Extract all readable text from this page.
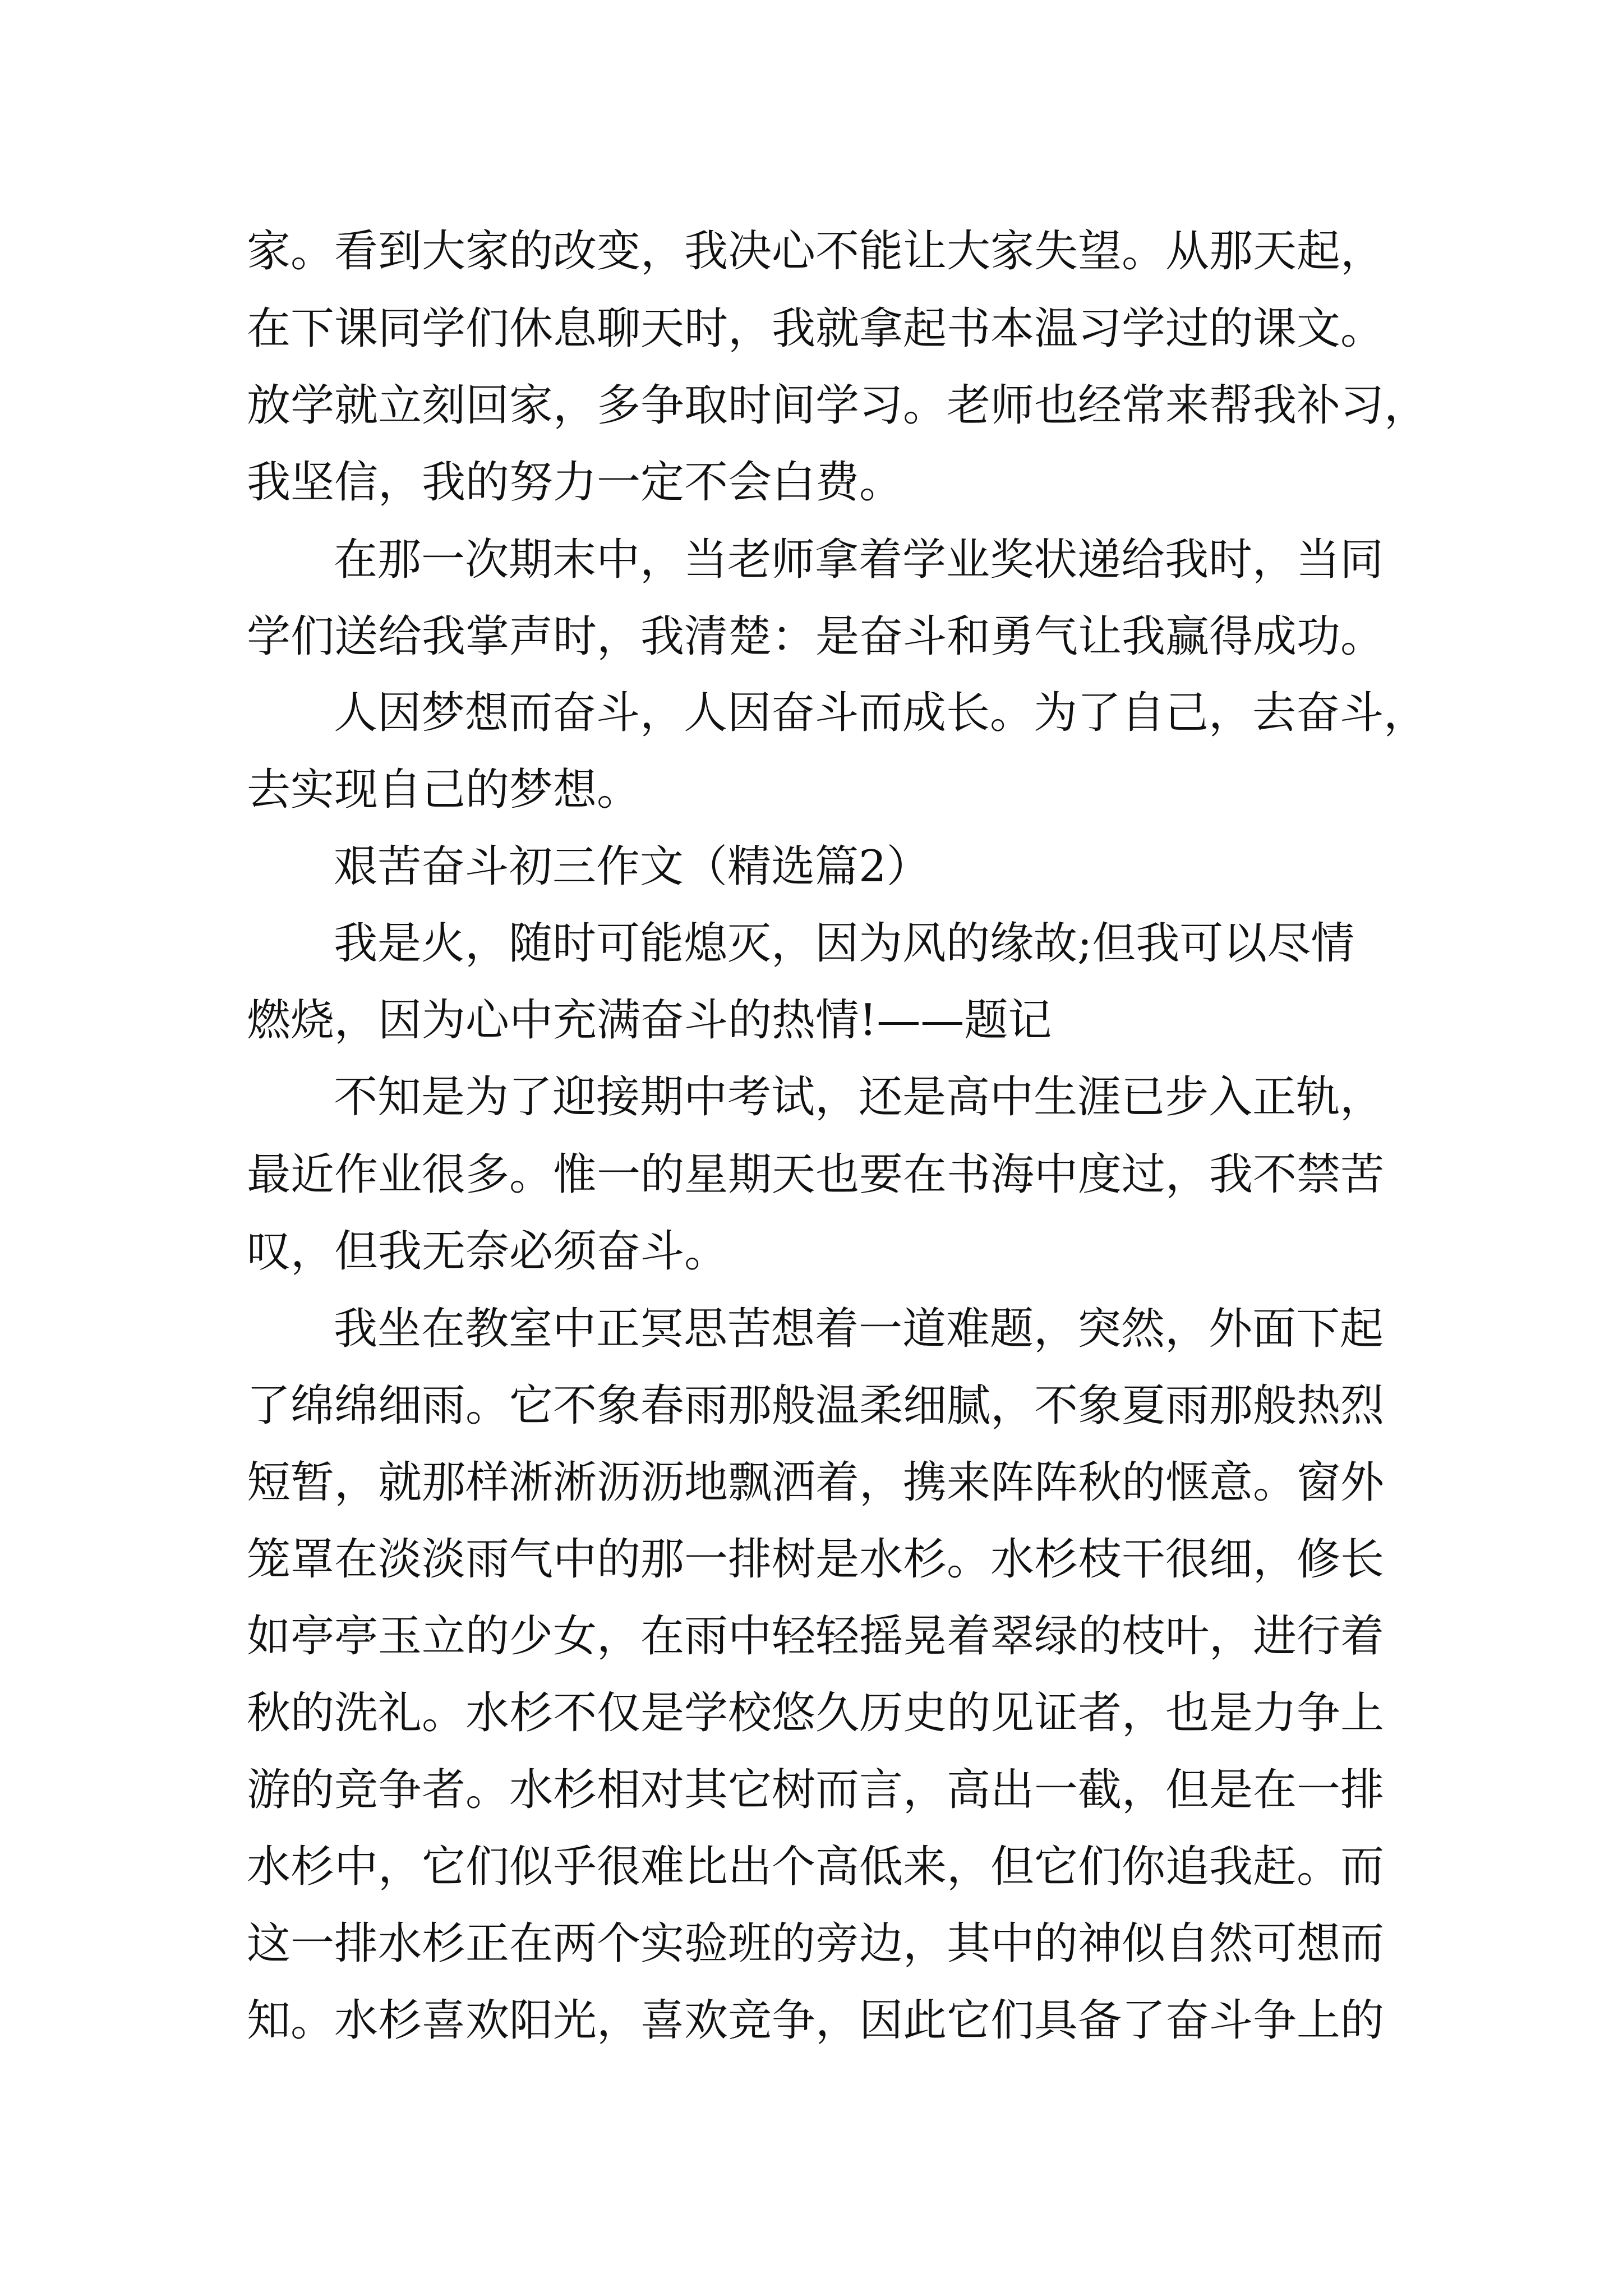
家。看到大家的改变，我决心不能让大家失望。从那天起，
在下课同学们休息聊天时，我就拿起书本温习学过的课文。
放学就立刻回家，多争取时间学习。老师也经常来帮我补习，
我坚信，我的努力一定不会白费。
在那一次期末中，当老师拿着学业奖状递给我时，当同
学们送给我掌声时，我清楚：是奋斗和勇气让我赢得成功。
人因梦想而奋斗，人因奋斗而成长。为了自己，去奋斗，
去实现自己的梦想。
艰苦奋斗初三作文（精选篇2）
我是火，随时可能熄灭，因为风的缘故;但我可以尽情
燃烧，因为心中充满奋斗的热情!——题记
不知是为了迎接期中考试，还是高中生涯已步入正轨，
最近作业很多。惟一的星期天也要在书海中度过，我不禁苦
叹，但我无奈必须奋斗。
我坐在教室中正冥思苦想着一道难题，突然，外面下起
了绵绵细雨。它不象春雨那般温柔细腻，不象夏雨那般热烈
短暂，就那样淅淅沥沥地飘洒着，携来阵阵秋的惬意。窗外
笼罩在淡淡雨气中的那一排树是水杉。水杉枝干很细，修长
如亭亭玉立的少女，在雨中轻轻摇晃着翠绿的枝叶，进行着
秋的洗礼。水杉不仅是学校悠久历史的见证者，也是力争上
游的竞争者。水杉相对其它树而言，高出一截，但是在一排
水杉中，它们似乎很难比出个高低来，但它们你追我赶。而
这一排水杉正在两个实验班的旁边，其中的神似自然可想而
知。水杉喜欢阳光，喜欢竞争，因此它们具备了奋斗争上的
